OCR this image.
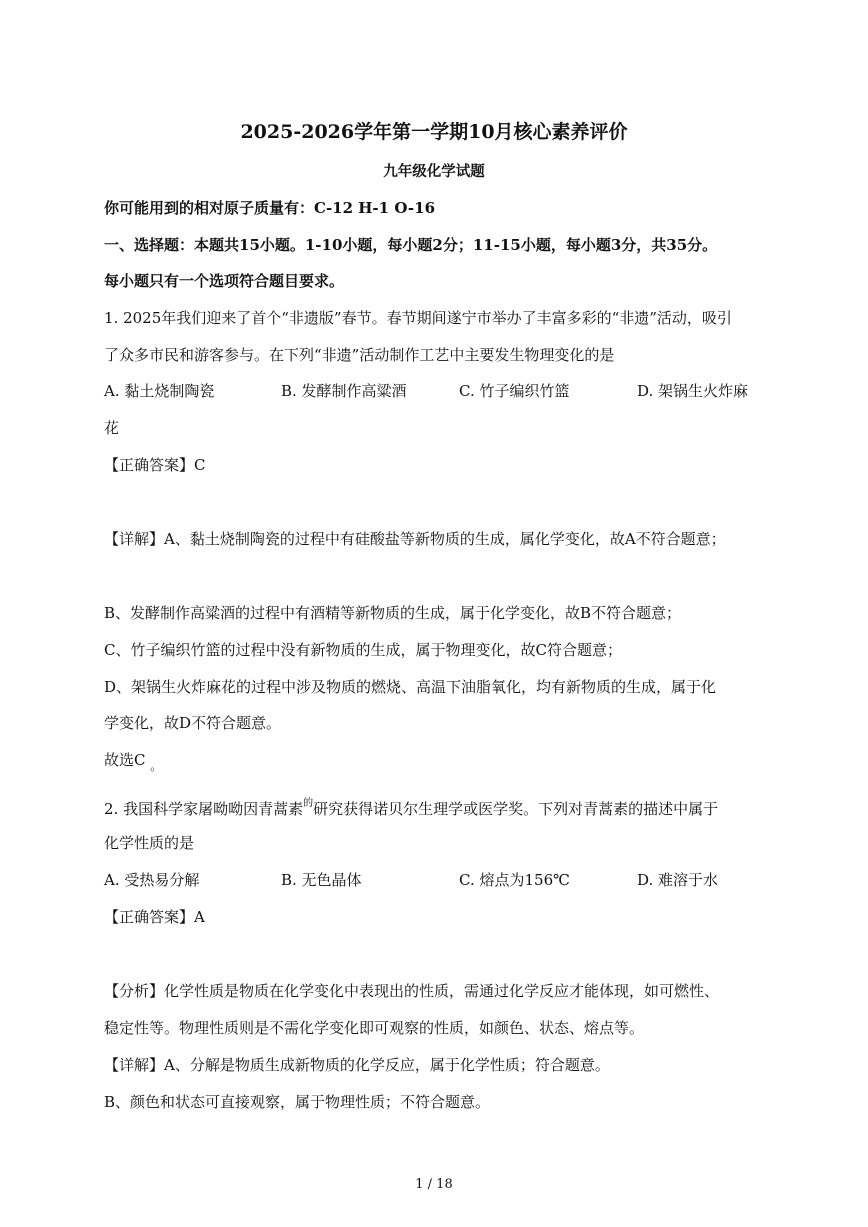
2025-2026学年第一学期10月核心素养评价
九年级化学试题
你可能用到的相对原子质量有：C-12 H-1 O-16
一、选择题：本题共15小题。1-10小题，每小题2分；11-15小题，每小题3分，共35分。
每小题只有一个选项符合题目要求。
1. 2025年我们迎来了首个“非遗版”春节。春节期间遂宁市举办了丰富多彩的“非遗”活动，吸引
了众多市民和游客参与。在下列“非遗”活动制作工艺中主要发生物理变化的是
A. 黏土烧制陶瓷	B. 发酵制作高粱酒	C. 竹子编织竹篮	D. 架锅生火炸麻
花
【正确答案】C
【详解】A、黏土烧制陶瓷的过程中有硅酸盐等新物质的生成，属化学变化，故A不符合题意；
B、发酵制作高粱酒的过程中有酒精等新物质的生成，属于化学变化，故B不符合题意；
C、竹子编织竹篮的过程中没有新物质的生成，属于物理变化，故C符合题意；
D、架锅生火炸麻花的过程中涉及物质的燃烧、高温下油脂氧化，均有新物质的生成，属于化
学变化，故D不符合题意。
故选C $_。$
2. 我国科学家屠呦呦因青蒿素$^的$研究获得诺贝尔生理学或医学奖。下列对青蒿素的描述中属于
化学性质的是
A. 受热易分解	B. 无色晶体	C. 熔点为156℃	D. 难溶于水
【正确答案】A
【分析】化学性质是物质在化学变化中表现出的性质，需通过化学反应才能体现，如可燃性、
稳定性等。物理性质则是不需化学变化即可观察的性质，如颜色、状态、熔点等。
【详解】A、分解是物质生成新物质的化学反应，属于化学性质；符合题意。
B、颜色和状态可直接观察，属于物理性质；不符合题意。
1 / 18
